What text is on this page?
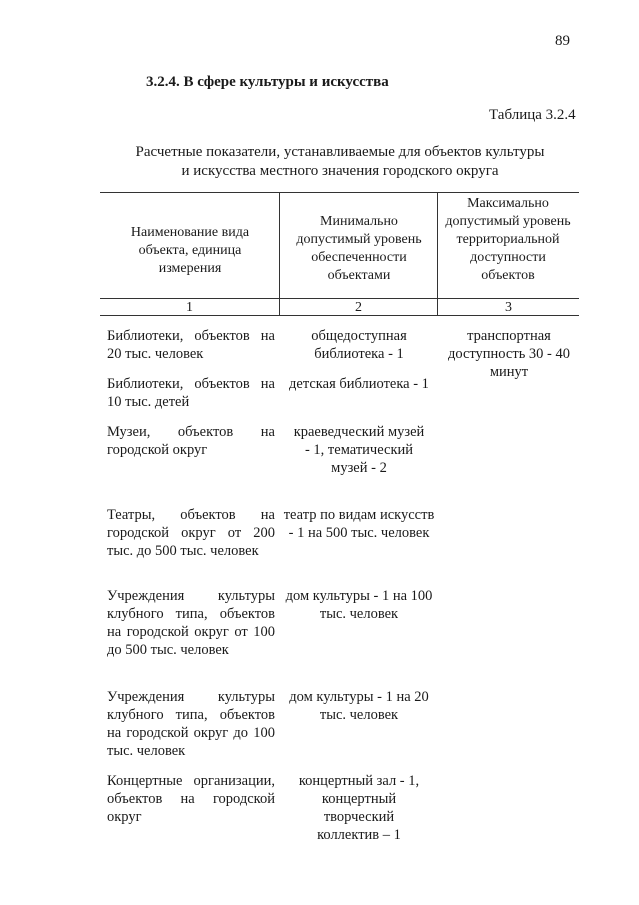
89
3.2.4. В сфере культуры и искусства
Таблица 3.2.4
Расчетные показатели, устанавливаемые для объектов культуры
и искусства местного значения городского округа
Наименование вида объекта, единица измерения
Минимально допустимый уровень обеспеченности объектами
Максимально допустимый уровень территориальной доступности объектов
1	2	3
Библиотеки, объектов на 20 тыс. человек
общедоступная библиотека - 1
транспортная доступность 30 - 40 минут
Библиотеки, объектов на 10 тыс. детей
детская библиотека - 1
Музеи, объектов на городской округ
краеведческий музей - 1, тематический музей - 2
Театры, объектов на городской округ от 200 тыс. до 500 тыс. человек
театр по видам искусств - 1 на 500 тыс. человек
Учреждения культуры клубного типа, объектов на городской округ от 100 до 500 тыс. человек
дом культуры - 1 на 100 тыс. человек
Учреждения культуры клубного типа, объектов на городской округ до 100 тыс. человек
дом культуры - 1 на 20 тыс. человек
Концертные организации, объектов на городской округ
концертный зал - 1, концертный творческий коллектив – 1
